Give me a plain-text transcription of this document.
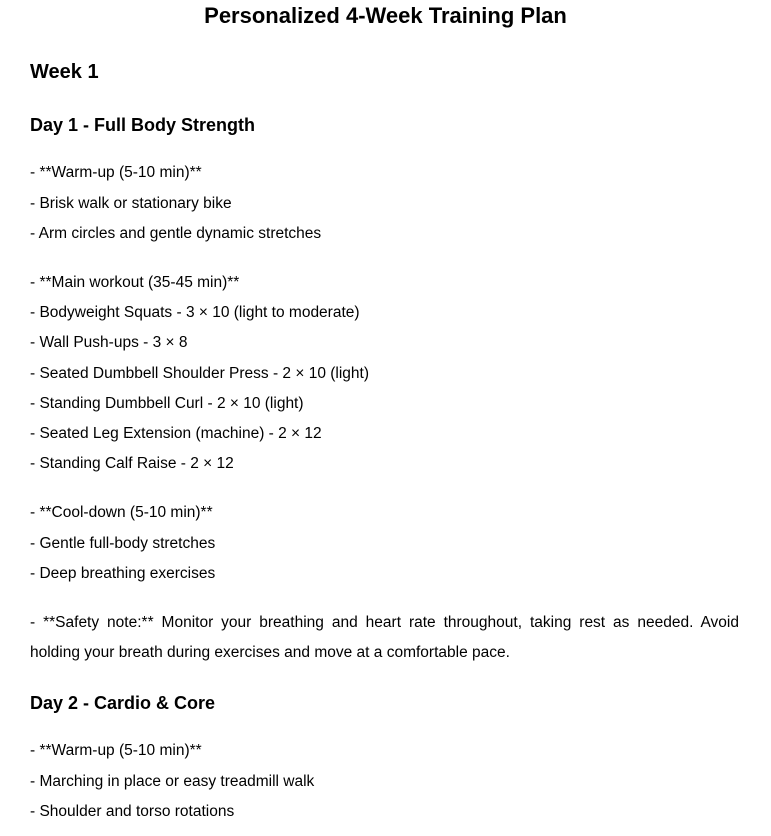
Personalized 4-Week Training Plan
Week 1
Day 1 - Full Body Strength
- **Warm-up (5-10 min)**
- Brisk walk or stationary bike
- Arm circles and gentle dynamic stretches
- **Main workout (35-45 min)**
- Bodyweight Squats - 3 × 10 (light to moderate)
- Wall Push-ups - 3 × 8
- Seated Dumbbell Shoulder Press - 2 × 10 (light)
- Standing Dumbbell Curl - 2 × 10 (light)
- Seated Leg Extension (machine) - 2 × 12
- Standing Calf Raise - 2 × 12
- **Cool-down (5-10 min)**
- Gentle full-body stretches
- Deep breathing exercises

- **Safety note:** Monitor your breathing and heart rate throughout, taking rest as needed. Avoid holding your breath during exercises and move at a comfortable pace.

Day 2 - Cardio & Core
- **Warm-up (5-10 min)**
- Marching in place or easy treadmill walk
- Shoulder and torso rotations
